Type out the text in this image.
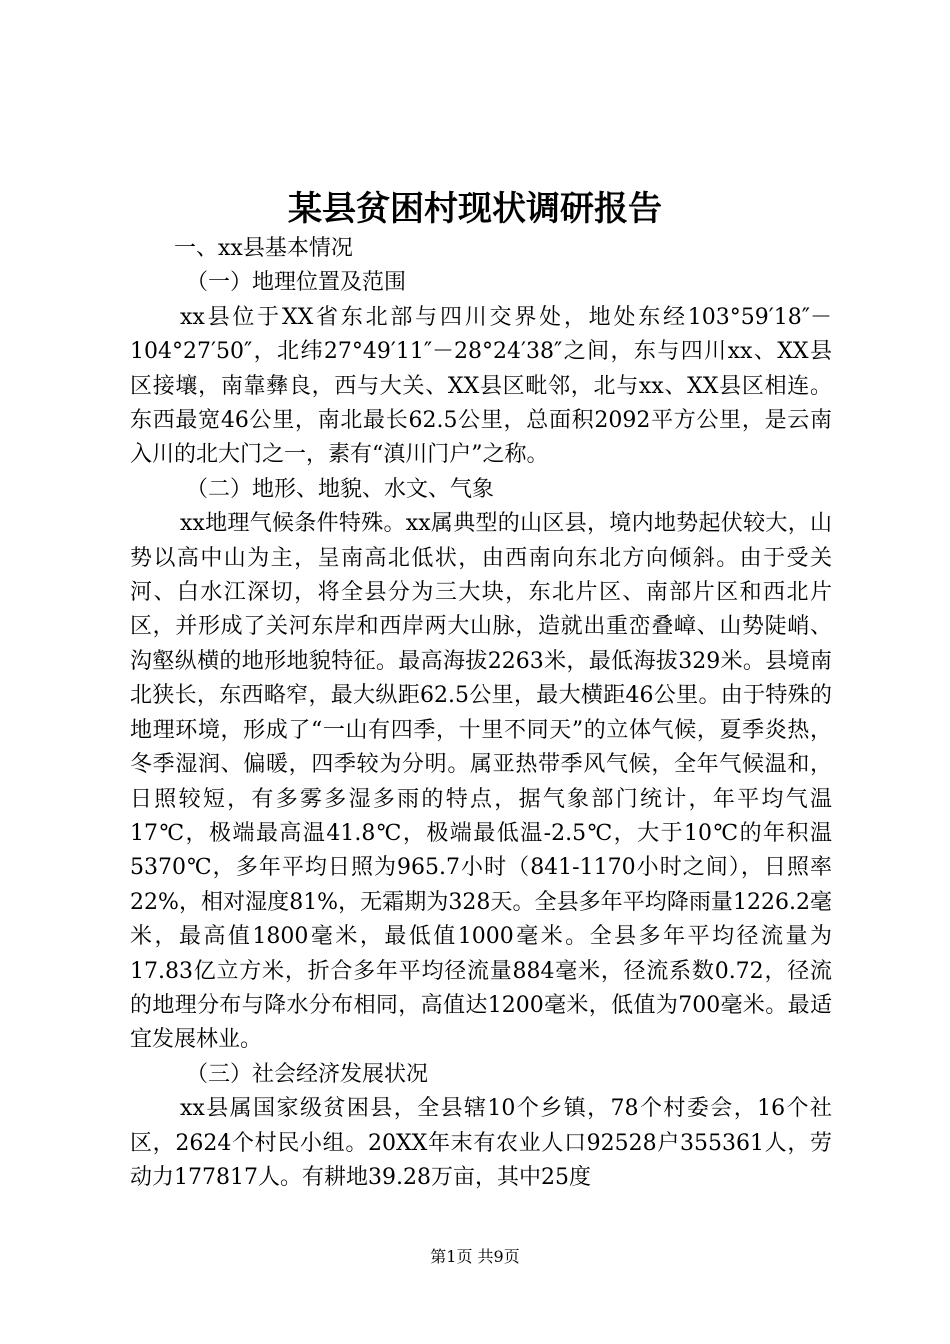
某县贫困村现状调研报告

一、xx县基本情况

（一）地理位置及范围

xx县位于XX省东北部与四川交界处，地处东经103°59′18″－104°27′50″，北纬27°49′11″－28°24′38″之间，东与四川xx、XX县区接壤，南靠彝良，西与大关、XX县区毗邻，北与xx、XX县区相连。东西最宽46公里，南北最长62.5公里，总面积2092平方公里，是云南入川的北大门之一，素有“滇川门户”之称。

（二）地形、地貌、水文、气象

xx地理气候条件特殊。xx属典型的山区县，境内地势起伏较大，山势以高中山为主，呈南高北低状，由西南向东北方向倾斜。由于受关河、白水江深切，将全县分为三大块，东北片区、南部片区和西北片区，并形成了关河东岸和西岸两大山脉，造就出重峦叠嶂、山势陡峭、沟壑纵横的地形地貌特征。最高海拔2263米，最低海拔329米。县境南北狭长，东西略窄，最大纵距62.5公里，最大横距46公里。由于特殊的地理环境，形成了“一山有四季，十里不同天”的立体气候，夏季炎热，冬季湿润、偏暖，四季较为分明。属亚热带季风气候，全年气候温和，日照较短，有多雾多湿多雨的特点，据气象部门统计，年平均气温17℃，极端最高温41.8℃，极端最低温-2.5℃，大于10℃的年积温5370℃，多年平均日照为965.7小时（841-1170小时之间），日照率22%，相对湿度81%，无霜期为328天。全县多年平均降雨量1226.2毫米，最高值1800毫米，最低值1000毫米。全县多年平均径流量为17.83亿立方米，折合多年平均径流量884毫米，径流系数0.72，径流的地理分布与降水分布相同，高值达1200毫米，低值为700毫米。最适宜发展林业。

（三）社会经济发展状况

xx县属国家级贫困县，全县辖10个乡镇，78个村委会，16个社区，2624个村民小组。20XX年末有农业人口92528户355361人，劳动力177817人。有耕地39.28万亩，其中25度

第1页 共9页
